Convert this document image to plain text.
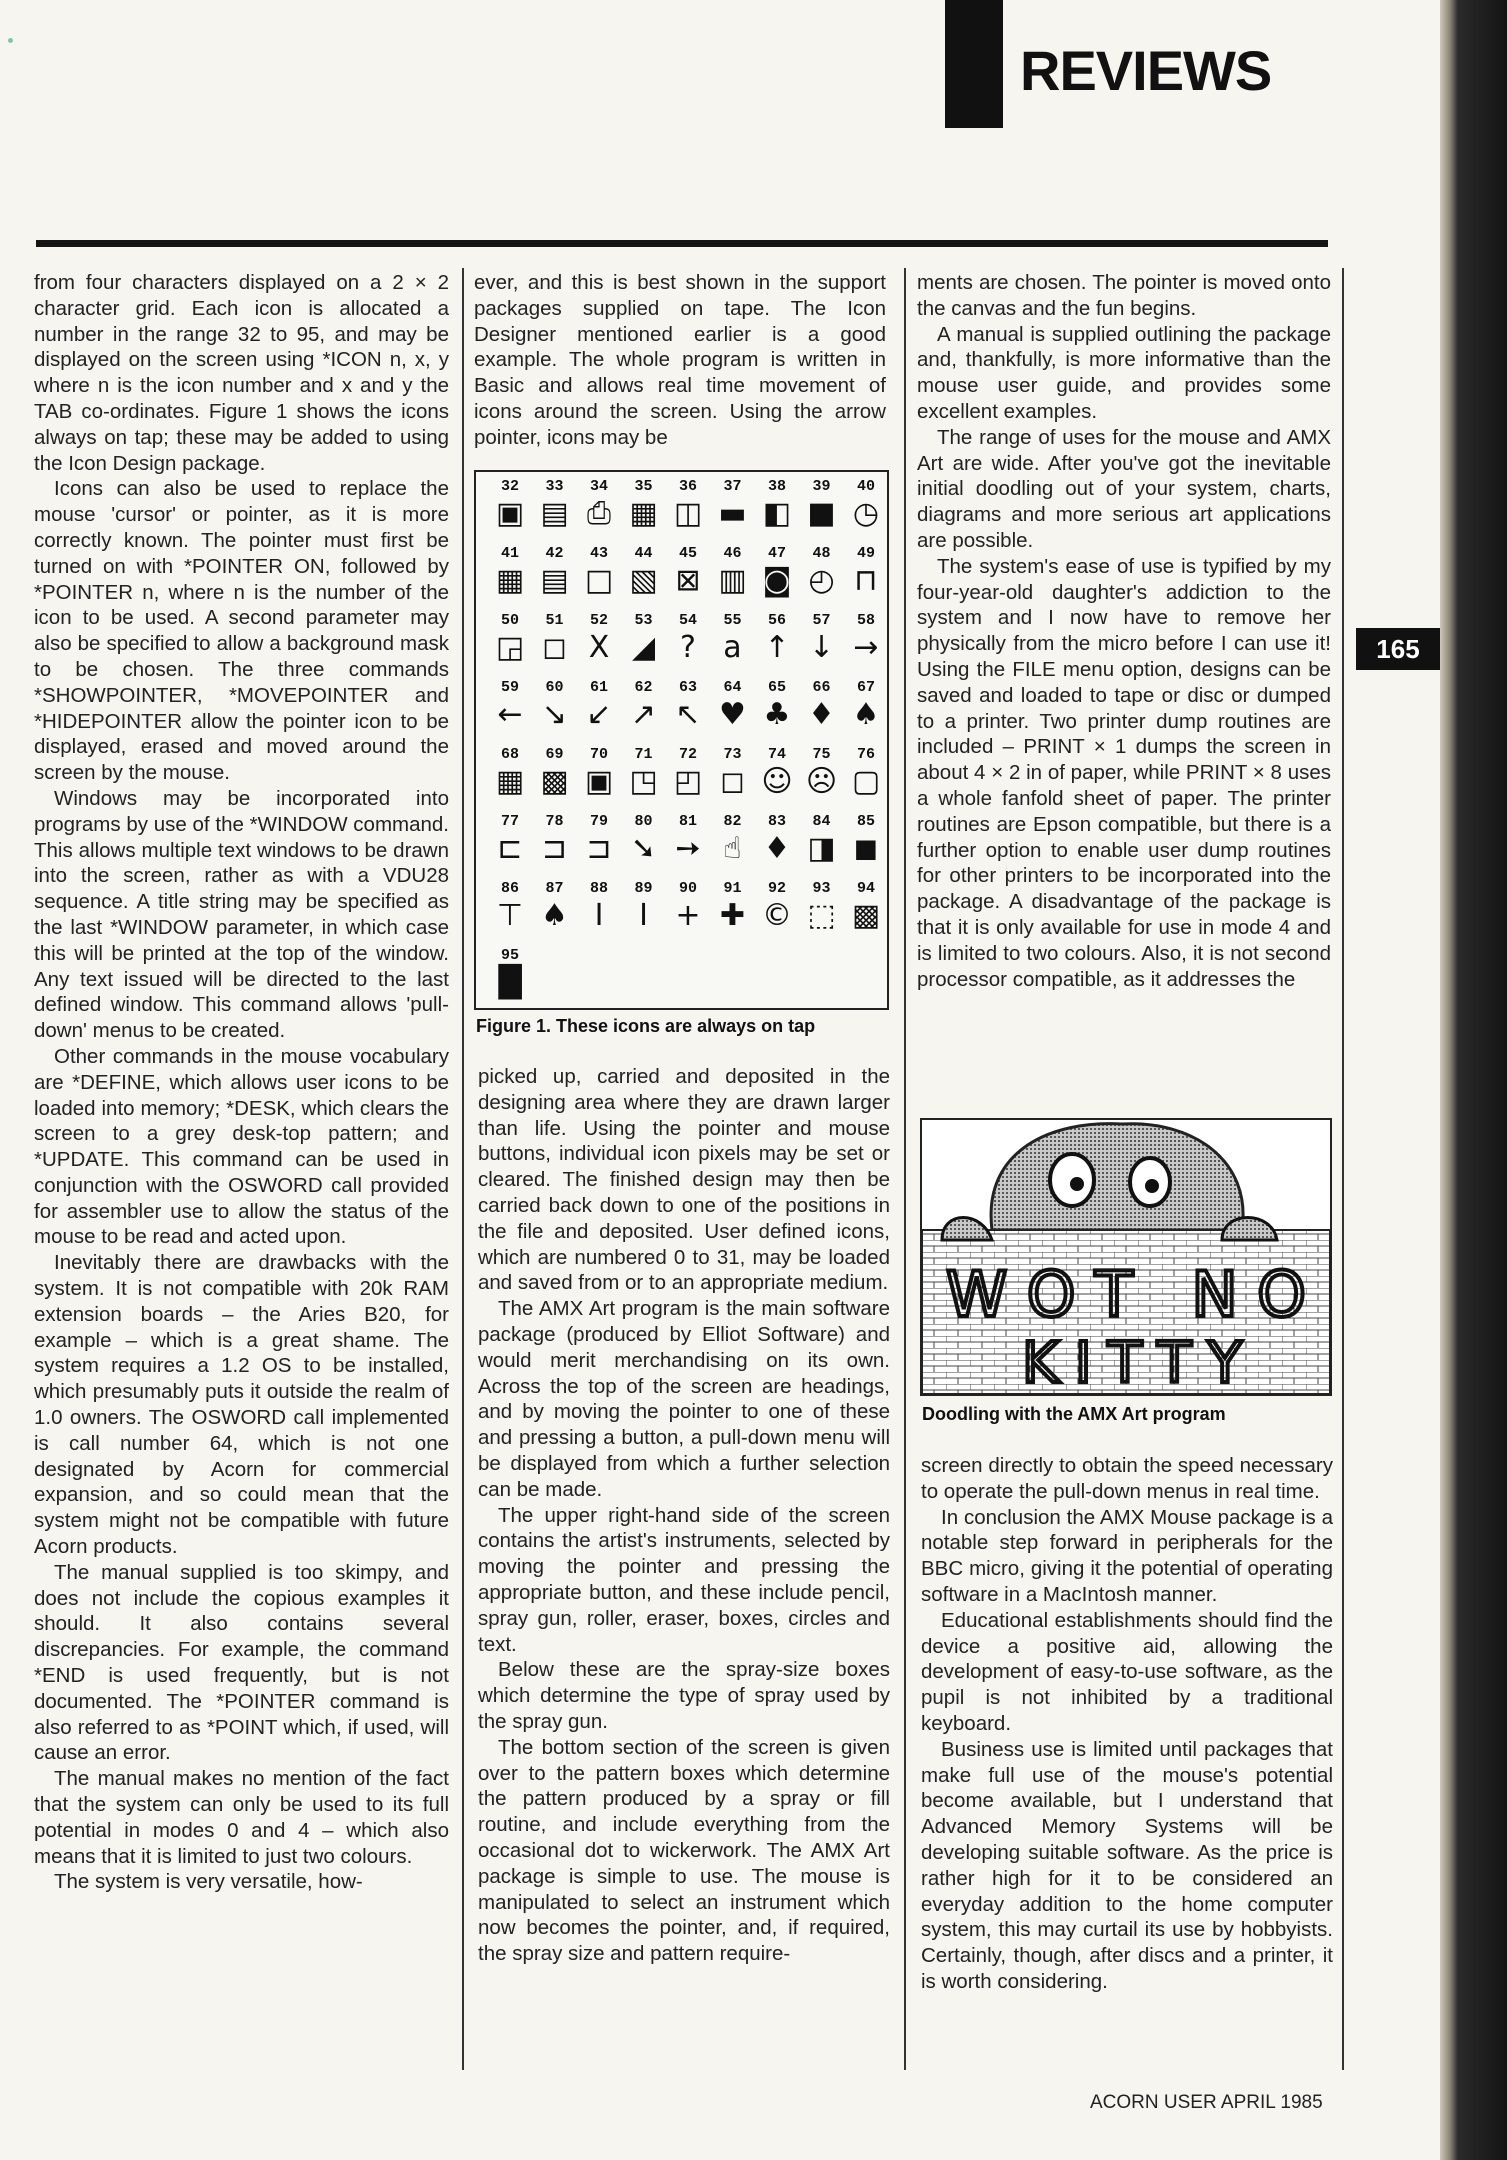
REVIEWS

from four characters displayed on a 2 × 2 character grid. Each icon is allocated a number in the range 32 to 95, and may be displayed on the screen using *ICON n, x, y where n is the icon number and x and y the TAB co-ordinates. Figure 1 shows the icons always on tap; these may be added to using the Icon Design package.

Icons can also be used to replace the mouse 'cursor' or pointer, as it is more correctly known. The pointer must first be turned on with *POINTER ON, followed by *POINTER n, where n is the number of the icon to be used. A second parameter may also be specified to allow a background mask to be chosen. The three commands *SHOWPOINTER, *MOVEPOINTER and *HIDEPOINTER allow the pointer icon to be displayed, erased and moved around the screen by the mouse.

Windows may be incorporated into programs by use of the *WINDOW command. This allows multiple text windows to be drawn into the screen, rather as with a VDU28 sequence. A title string may be specified as the last *WINDOW parameter, in which case this will be printed at the top of the window. Any text issued will be directed to the last defined window. This command allows 'pull-down' menus to be created.

Other commands in the mouse vocabulary are *DEFINE, which allows user icons to be loaded into memory; *DESK, which clears the screen to a grey desk-top pattern; and *UPDATE. This command can be used in conjunction with the OSWORD call provided for assembler use to allow the status of the mouse to be read and acted upon.

Inevitably there are drawbacks with the system. It is not compatible with 20k RAM extension boards – the Aries B20, for example – which is a great shame. The system requires a 1.2 OS to be installed, which presumably puts it outside the realm of 1.0 owners. The OSWORD call implemented is call number 64, which is not one designated by Acorn for commercial expansion, and so could mean that the system might not be compatible with future Acorn products.

The manual supplied is too skimpy, and does not include the copious examples it should. It also contains several discrepancies. For example, the command *END is used frequently, but is not documented. The *POINTER command is also referred to as *POINT which, if used, will cause an error.

The manual makes no mention of the fact that the system can only be used to its full potential in modes 0 and 4 – which also means that it is limited to just two colours.

The system is very versatile, how-

ever, and this is best shown in the support packages supplied on tape. The Icon Designer mentioned earlier is a good example. The whole program is written in Basic and allows real time movement of icons around the screen. Using the arrow pointer, icons may be

32
▣
33
▤
34
⎙
35
▦
36
◫
37
▬
38
◧
39
■
40
◷
41
▦
42
▤
43
□
44
▧
45
⊠
46
▥
47
◙
48
◴
49
⊓
50
◲
51
◻
52
X
53
◢
54
?
55
a
56
↑
57
↓
58
→
59
←
60
↘
61
↙
62
↗
63
↖
64
♥
65
♣
66
♦
67
♠
68
▦
69
▩
70
▣
71
◳
72
◰
73
◻
74
☺
75
☹
76
▢
77
⊏
78
⊐
79
⊐
80
➘
81
➙
82
☝
83
♦
84
◨
85
◼
86
⊤
87
♠
88
I
89
I
90
+
91
✚
92
©
93
⬚
94
▩
95
█
Figure 1. These icons are always on tap

picked up, carried and deposited in the designing area where they are drawn larger than life. Using the pointer and mouse buttons, individual icon pixels may be set or cleared. The finished design may then be carried back down to one of the positions in the file and deposited. User defined icons, which are numbered 0 to 31, may be loaded and saved from or to an appropriate medium.

The AMX Art program is the main software package (produced by Elliot Software) and would merit merchandising on its own. Across the top of the screen are headings, and by moving the pointer to one of these and pressing a button, a pull-down menu will be displayed from which a further selection can be made.

The upper right-hand side of the screen contains the artist's instruments, selected by moving the pointer and pressing the appropriate button, and these include pencil, spray gun, roller, eraser, boxes, circles and text.

Below these are the spray-size boxes which determine the type of spray used by the spray gun.

The bottom section of the screen is given over to the pattern boxes which determine the pattern produced by a spray or fill routine, and include everything from the occasional dot to wickerwork. The AMX Art package is simple to use. The mouse is manipulated to select an instrument which now becomes the pointer, and, if required, the spray size and pattern require-

ments are chosen. The pointer is moved onto the canvas and the fun begins.

A manual is supplied outlining the package and, thankfully, is more informative than the mouse user guide, and provides some excellent examples.

The range of uses for the mouse and AMX Art are wide. After you've got the inevitable initial doodling out of your system, charts, diagrams and more serious art applications are possible.

The system's ease of use is typified by my four-year-old daughter's addiction to the system and I now have to remove her physically from the micro before I can use it! Using the FILE menu option, designs can be saved and loaded to tape or disc or dumped to a printer. Two printer dump routines are included – PRINT × 1 dumps the screen in about 4 × 2 in of paper, while PRINT × 8 uses a whole fanfold sheet of paper. The printer routines are Epson compatible, but there is a further option to enable user dump routines for other printers to be incorporated into the package. A disadvantage of the package is that it is only available for use in mode 4 and is limited to two colours. Also, it is not second processor compatible, as it addresses the

WOT NO
KITTY
Doodling with the AMX Art program

screen directly to obtain the speed necessary to operate the pull-down menus in real time.

In conclusion the AMX Mouse package is a notable step forward in peripherals for the BBC micro, giving it the potential of operating software in a MacIntosh manner.

Educational establishments should find the device a positive aid, allowing the development of easy-to-use software, as the pupil is not inhibited by a traditional keyboard.

Business use is limited until packages that make full use of the mouse's potential become available, but I understand that Advanced Memory Systems will be developing suitable software. As the price is rather high for it to be considered an everyday addition to the home computer system, this may curtail its use by hobbyists. Certainly, though, after discs and a printer, it is worth considering.

165
ACORN USER APRIL 1985
